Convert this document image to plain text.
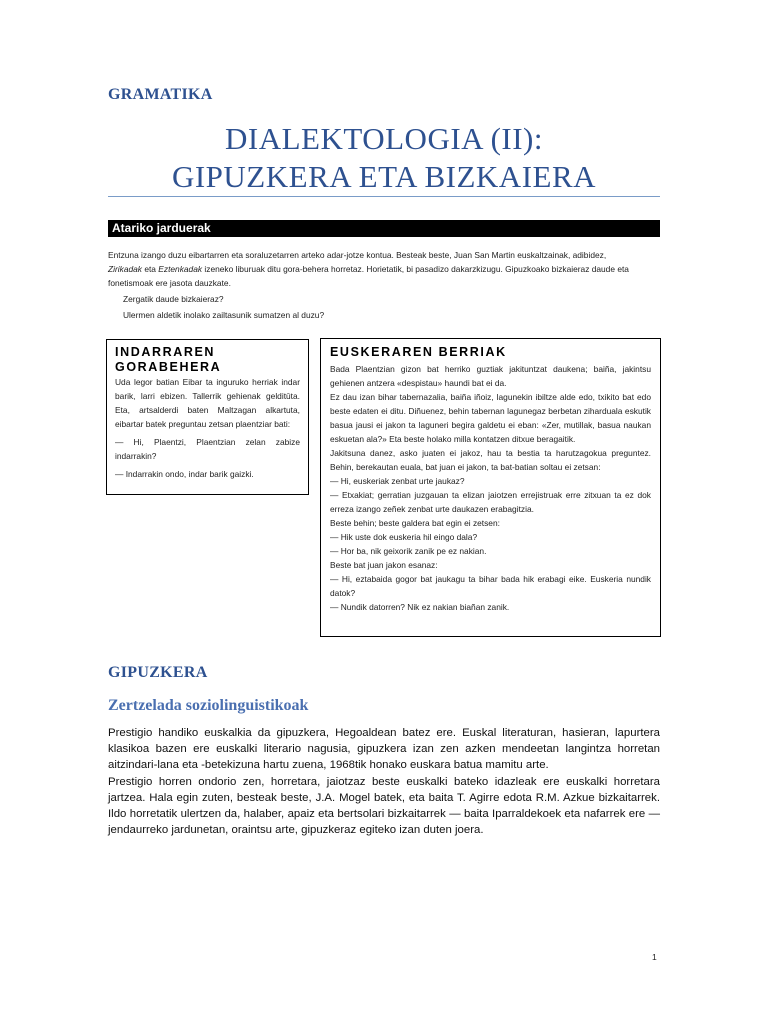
GRAMATIKA
DIALEKTOLOGIA (II):
GIPUZKERA ETA BIZKAIERA
Atariko jarduerak

Entzuna izango duzu eibartarren eta soraluzetarren arteko adar-jotze kontua. Besteak beste, Juan San Martin euskaltzainak, adibidez,
Zirikadak eta Eztenkadak izeneko liburuak ditu gora-behera horretaz. Horietatik, bi pasadizo dakarzkizugu. Gipuzkoako bizkaieraz daude eta fonetismoak ere jasota dauzkate.

Zergatik daude bizkaieraz?

Ulermen aldetik inolako zailtasunik sumatzen al duzu?

INDARRAREN
GORABEHERA

Uda legor batian Eibar ta inguruko herriak indar barik, larri ebizen. Tallerrik gehienak gelditūta. Eta, artsalderdi baten Maltzagan alkartuta, eibartar batek preguntau zetsan plaentziar bati:

— Hi, Plaentzi, Plaentzian zelan zabize indarrakin?

— Indarrakin ondo, indar barik gaizki.

EUSKERAREN BERRIAK

Bada Plaentzian gizon bat herriko guztiak jakituntzat daukena; baiña, jakintsu gehienen antzera «despistau» haundi bat ei da.

Ez dau izan bihar tabernazalia, baiña iñoiz, lagunekin ibiltze alde edo, txikito bat edo beste edaten ei ditu. Diñuenez, behin tabernan lagunegaz berbetan ziharduala eskutik basua jausi ei jakon ta laguneri begira galdetu ei eban: «Zer, mutillak, basua naukan eskuetan ala?» Eta beste holako milla kontatzen ditxue beragaitik.

Jakitsuna danez, asko juaten ei jakoz, hau ta bestia ta harutzagokua preguntez. Behin, berekautan euala, bat juan ei jakon, ta bat-batian soltau ei zetsan:

— Hi, euskeriak zenbat urte jaukaz?

— Etxakiat; gerratian juzgauan ta elizan jaiotzen errejistruak erre zitxuan ta ez dok erreza izango zeñek zenbat urte daukazen erabagitzia.

Beste behin; beste galdera bat egin ei zetsen:

— Hik uste dok euskeria hil eingo dala?

— Hor ba, nik geixorik zanik pe ez nakian.

Beste bat juan jakon esanaz:

— Hi, eztabaida gogor bat jaukagu ta bihar bada hik erabagi eike. Euskeria nundik datok?

— Nundik datorren? Nik ez nakian biañan zanik.

GIPUZKERA
Zertzelada soziolinguistikoak

Prestigio handiko euskalkia da gipuzkera, Hegoaldean batez ere. Euskal literaturan, hasieran, lapurtera klasikoa bazen ere euskalki literario nagusia, gipuzkera izan zen azken mendeetan langintza horretan aitzindari-lana eta -betekizuna hartu zuena, 1968tik honako euskara batua mamitu arte.

Prestigio horren ondorio zen, horretara, jaiotzaz beste euskalki bateko idazleak ere euskalki horretara jartzea. Hala egin zuten, besteak beste, J.A. Mogel batek, eta baita T. Agirre edota R.M. Azkue bizkaitarrek. Ildo horretatik ulertzen da, halaber, apaiz eta bertsolari bizkaitarrek — baita Iparraldekoek eta nafarrek ere — jendaurreko jardunetan, oraintsu arte, gipuzkeraz egiteko izan duten joera.

1
